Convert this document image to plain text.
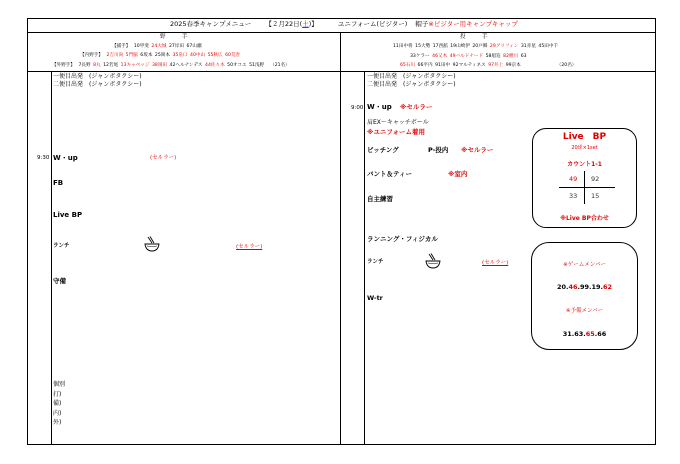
2025春季キャンプメニュー 【２月22日(土)】	ユニフォーム(ビジター) 帽子※ビジター用キャンプキャップ
野　　　手
【捕手】 10甲斐 24大城 27岸田 67山瀬
【内野手】 2吉川尚 5門脇 6坂本 25岡本 35泉口 40中山 55秋広 60荒巻
【外野手】 7長野 8丸 12若尾 13キャベッジ 38岡田 42ヘルナンデス 44佐々木 50オコエ 51浅野 （21名）
投　　　手
11田中将 15大勢 17西舘 19山崎伊 20戸郷 29グリフィン 31赤星 45田中千
33ケラー 46又木 49バルドナード 58船迫 82横川 63
65石川 66平内 91田中 92マルティネス 97井上 99京本	（20名）
一便目出発　(ジャンボタクシー)
二便目出発　(ジャンボタクシー)
9:30 W・up	(セルラー)
FB
Live BP
ランチ	(セルラー)
守備
個別
打)
備)
内)
外)
一便目出発　(ジャンボタクシー)
二便目出発　(ジャンボタクシー)
9:00 W・up ※セルラー
肩EX～キャッチボール
※ユニフォーム着用
ピッチング	P-投内 ※セルラー
バント＆ティー	※室内
自主練習
ランニング・フィジカル
ランチ	(セルラー)
W-tr
Live　BP
20球×1set
カウント1-1
49 92
33 15
※Live BP合わせ
※ゲームメンバー
20.46.99.19.62
※予備メンバー
31.63.65.66
